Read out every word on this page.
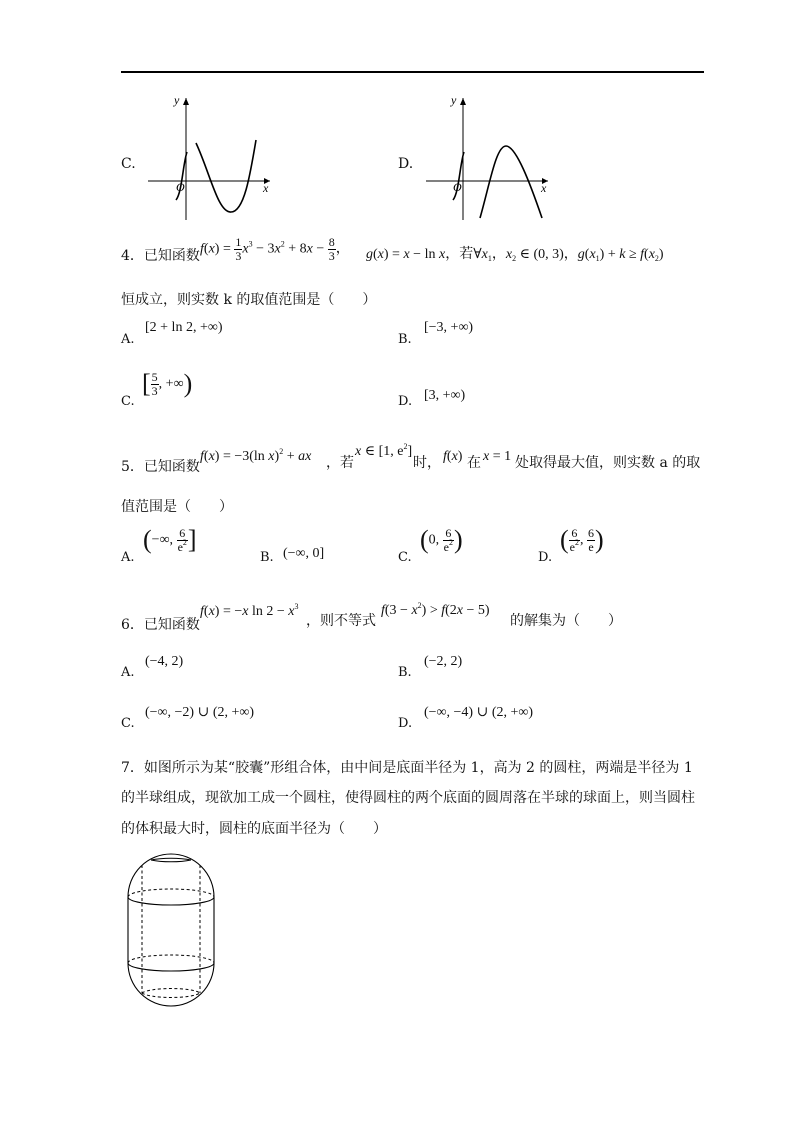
C.
y
x
O
D.
y
x
O
4．已知函数 $f(x) = \frac{1}{3} x^3 - 3x^2 + 8x - \frac{8}{3}$ ， g(x) = x − ln x，若$\forall x_1$，$x_2$ ∈ (0, 3)，$g(x_1) + k \ge f(x_2)$
恒成立，则实数 k 的取值范围是（　　）
A.
[2 + ln 2, +∞)
B.
[−3, +∞)
C.
[ $\frac{5}{3}$ , +∞)
D. [3, +∞)
5．已知函数
f(x) = −3(ln x)$^2$ + ax ，若
x ∈ [1, $e^2$]
时， f(x) 在 x = 1 处取得最大值，则实数 a 的取
值范围是（　　）
A.
(−∞, $\frac{6}{e^2}$ ]
B. (−∞, 0]	C.
(0, $\frac{6}{e^2}$ )
D.
( $\frac{6}{e^2}$ , $\frac{6}{e}$ )
6．已知函数
f(x) = −x $\ln 2 - x^3$
，则不等式
$f(3 - x^2) > f(2x - 5)$
的解集为（　　）
A.
(−4, 2)
B.
(−2, 2)
C.
(−∞, −2) ∪ (2, +∞)
D.
(−∞, −4) ∪ (2, +∞)
7．如图所示为某“胶囊”形组合体，由中间是底面半径为 1，高为 2 的圆柱，两端是半径为 1
的半球组成，现欲加工成一个圆柱，使得圆柱的两个底面的圆周落在半球的球面上，则当圆柱
的体积最大时，圆柱的底面半径为（　　）
